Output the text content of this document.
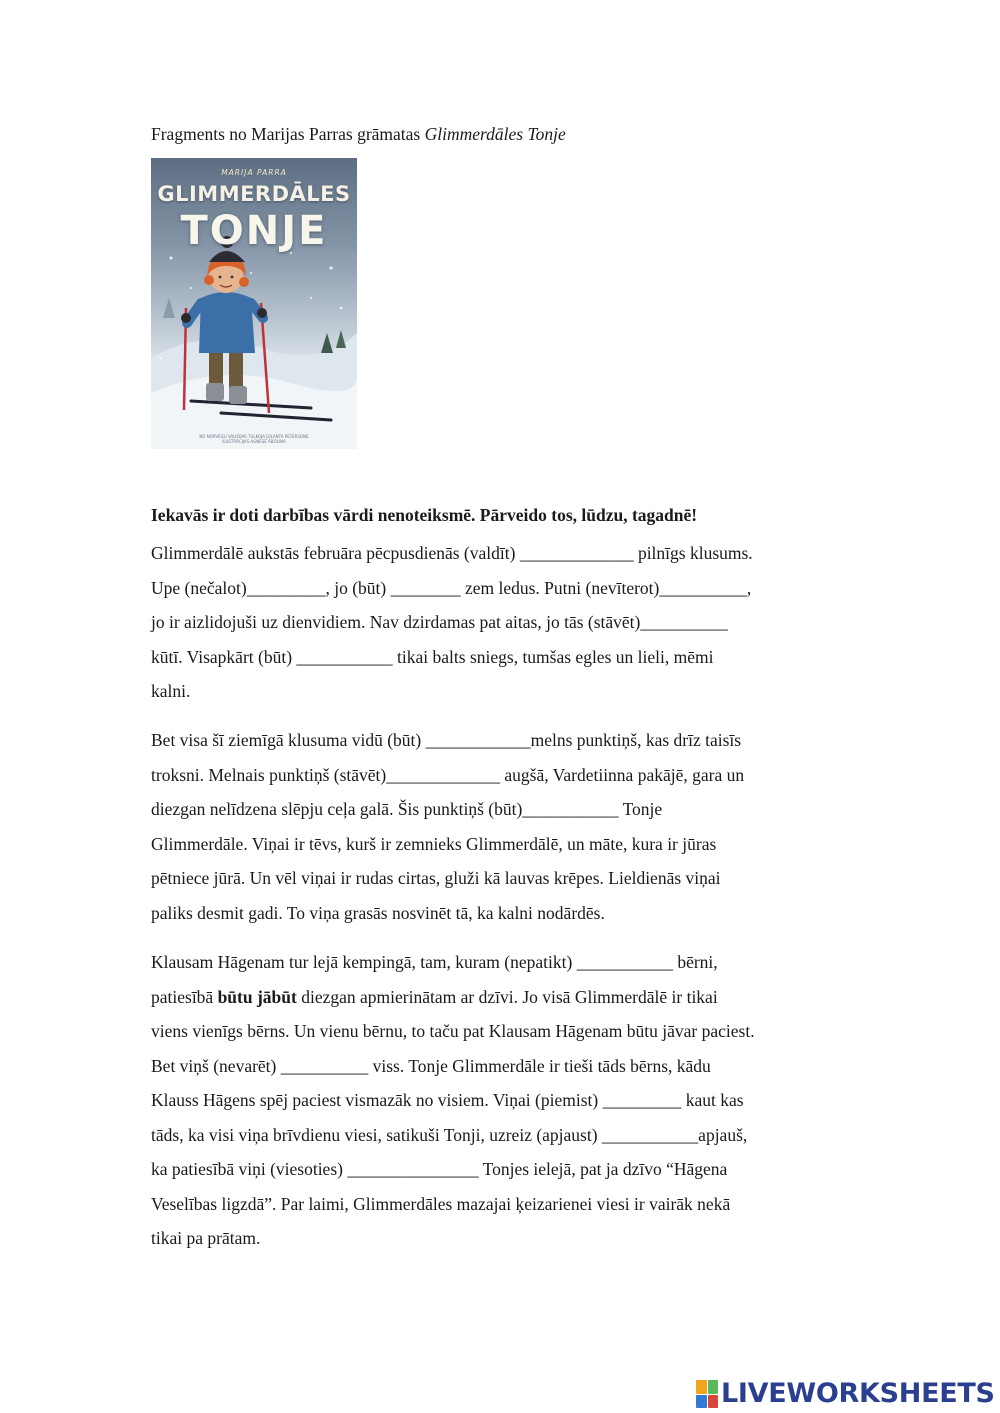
Fragments no Marijas Parras grāmatas Glimmerdāles Tonje
MARIJA PARRA
GLIMMERDĀLES
TONJE
NO NORVĒĢU VALODAS TULKOJA JOLANTA PETERSONE
ILUSTRĀCIJAS AGNESE ĀBOLINA
Iekavās ir doti darbības vārdi nenoteiksmē. Pārveido tos, lūdzu, tagadnē!
Glimmerdālē aukstās februāra pēcpusdienās (valdīt) _____________ pilnīgs klusums.
Upe (nečalot)_________, jo (būt) ________ zem ledus. Putni (nevīterot)__________,
jo ir aizlidojuši uz dienvidiem. Nav dzirdamas pat aitas, jo tās (stāvēt)__________
kūtī. Visapkārt (būt) ___________ tikai balts sniegs, tumšas egles un lieli, mēmi
kalni.
Bet visa šī ziemīgā klusuma vidū (būt) ____________melns punktiņš, kas drīz taisīs
troksni. Melnais punktiņš (stāvēt)_____________ augšā, Vardetiinna pakājē, gara un
diezgan nelīdzena slēpju ceļa galā. Šis punktiņš (būt)___________ Tonje
Glimmerdāle. Viņai ir tēvs, kurš ir zemnieks Glimmerdālē, un māte, kura ir jūras
pētniece jūrā. Un vēl viņai ir rudas cirtas, gluži kā lauvas krēpes. Lieldienās viņai
paliks desmit gadi. To viņa grasās nosvinēt tā, ka kalni nodārdēs.
Klausam Hāgenam tur lejā kempingā, tam, kuram (nepatikt) ___________ bērni,
patiesībā būtu jābūt diezgan apmierinātam ar dzīvi. Jo visā Glimmerdālē ir tikai
viens vienīgs bērns. Un vienu bērnu, to taču pat Klausam Hāgenam būtu jāvar paciest.
Bet viņš (nevarēt) __________ viss. Tonje Glimmerdāle ir tieši tāds bērns, kādu
Klauss Hāgens spēj paciest vismazāk no visiem. Viņai (piemist) _________ kaut kas
tāds, ka visi viņa brīvdienu viesi, satikuši Tonji, uzreiz (apjaust) ___________apjauš,
ka patiesībā viņi (viesoties) _______________ Tonjes ielejā, pat ja dzīvo “Hāgena
Veselības ligzdā”. Par laimi, Glimmerdāles mazajai ķeizarienei viesi ir vairāk nekā
tikai pa prātam.
LIVEWORKSHEETS
